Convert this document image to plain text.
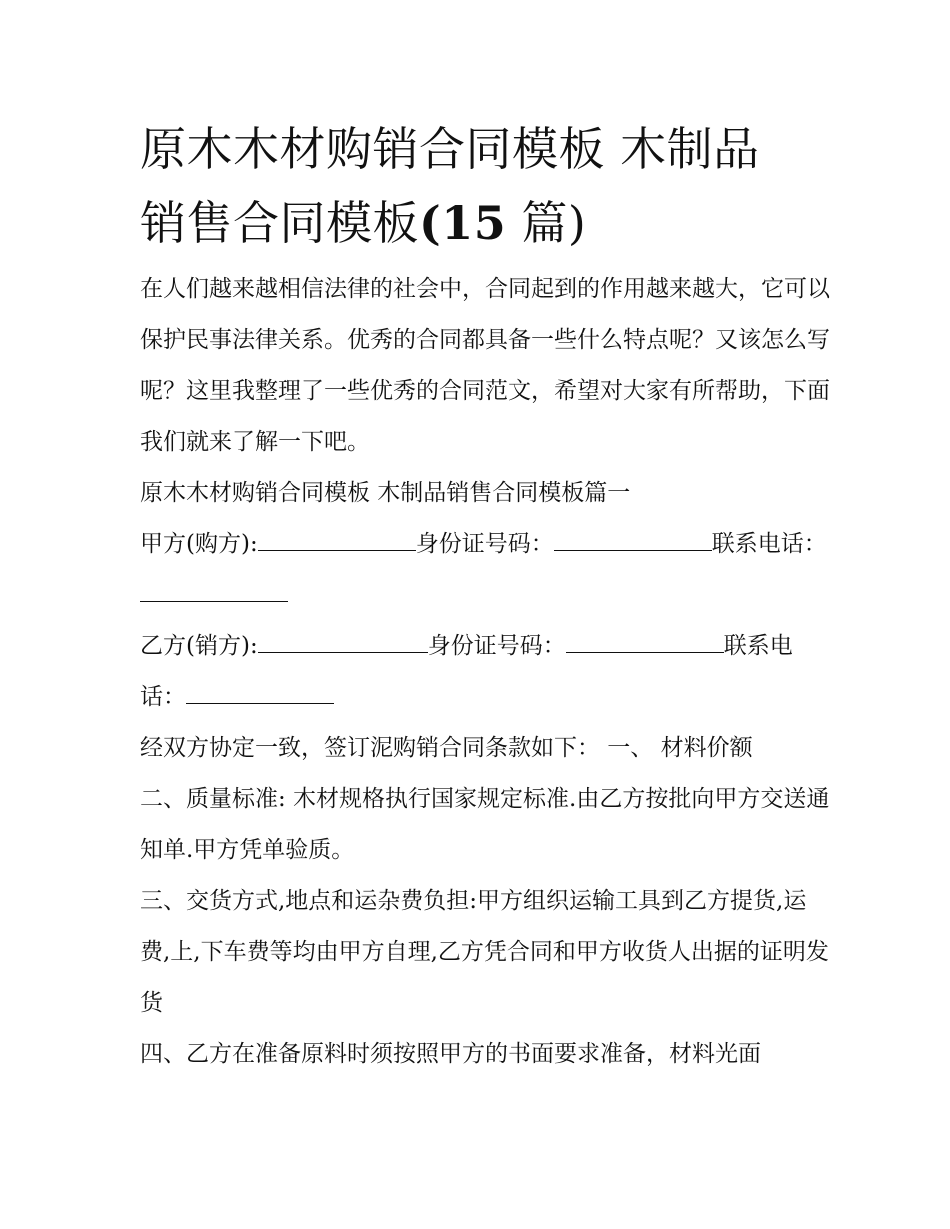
原木木材购销合同模板 木制品
销售合同模板(15 篇)

在人们越来越相信法律的社会中，合同起到的作用越来越大，它可以保护民事法律关系。优秀的合同都具备一些什么特点呢？又该怎么写呢？这里我整理了一些优秀的合同范文，希望对大家有所帮助，下面我们就来了解一下吧。

原木木材购销合同模板 木制品销售合同模板篇一

甲方(购方):	身份证号码：	联系电话：

乙方(销方):	身份证号码：	联系电话：

经双方协定一致，签订泥购销合同条款如下： 一、 材料价额

二、质量标准: 木材规格执行国家规定标准.由乙方按批向甲方交送通知单.甲方凭单验质。

三、交货方式,地点和运杂费负担:甲方组织运输工具到乙方提货,运费,上,下车费等均由甲方自理,乙方凭合同和甲方收货人出据的证明发货

四、乙方在准备原料时须按照甲方的书面要求准备，材料光面
